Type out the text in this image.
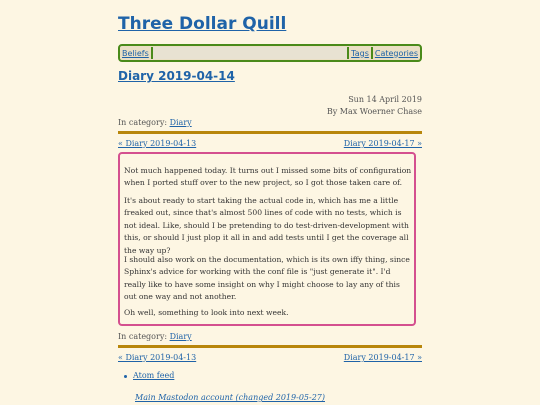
Three Dollar Quill
Beliefs	Tags Categories
Diary 2019-04-14
Sun 14 April 2019
By Max Woerner Chase
In category: Diary
« Diary 2019-04-13	Diary 2019-04-17 »

Not much happened today. It turns out I missed some bits of configuration when I ported stuff over to the new project, so I got those taken care of.

It's about ready to start taking the actual code in, which has me a little freaked out, since that's almost 500 lines of code with no tests, which is not ideal. Like, should I be pretending to do test-driven-development with this, or should I just plop it all in and add tests until I get the coverage all the way up?

I should also work on the documentation, which is its own iffy thing, since Sphinx's advice for working with the conf file is "just generate it". I'd really like to have some insight on why I might choose to lay any of this out one way and not another.

Oh well, something to look into next week.

In category: Diary
« Diary 2019-04-13	Diary 2019-04-17 »
Atom feed
Main Mastodon account (changed 2019-05-27)
